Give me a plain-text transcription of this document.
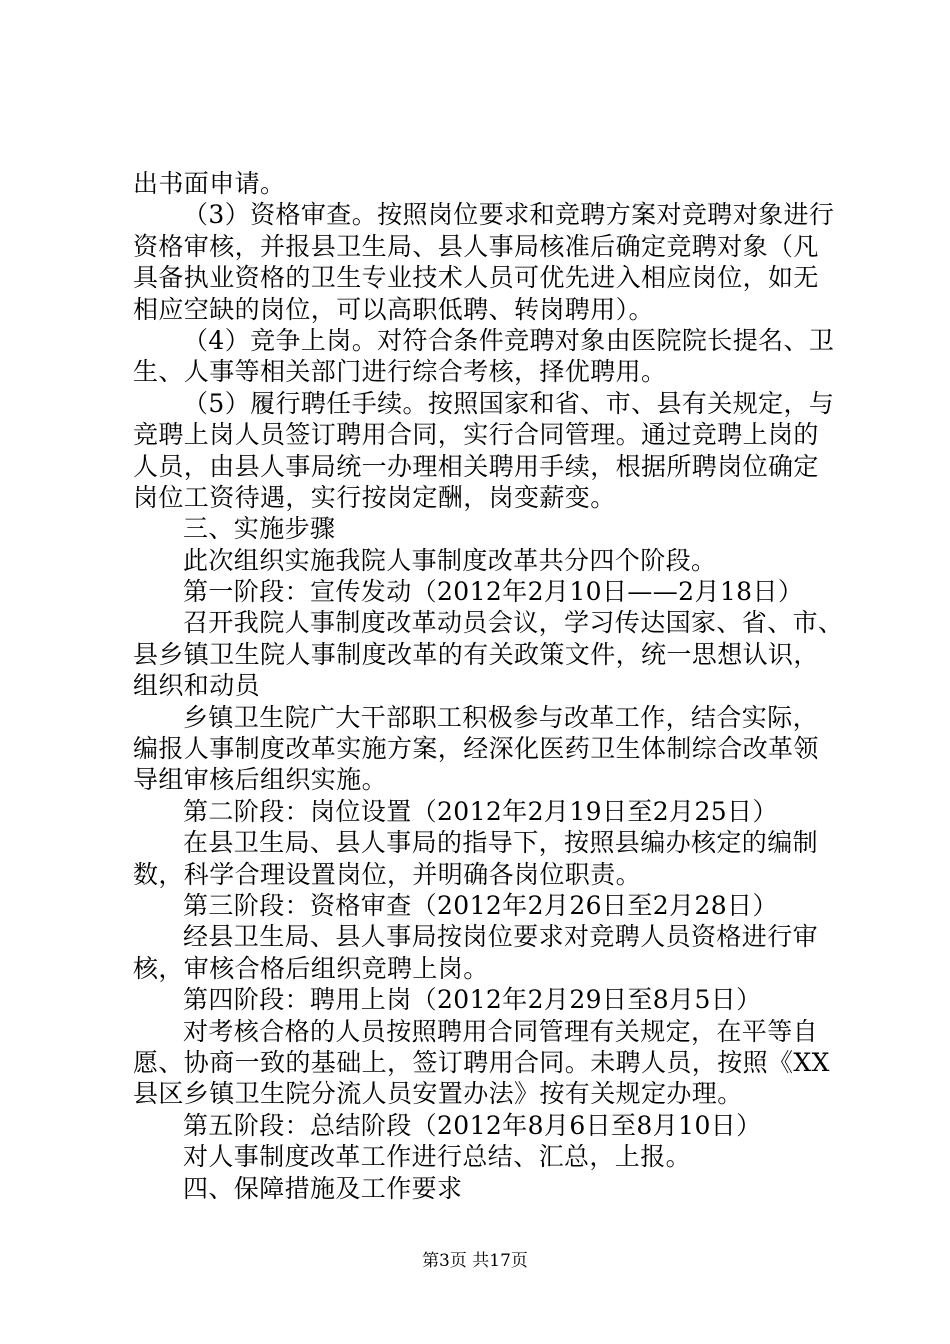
出书面申请。
（3）资格审查。按照岗位要求和竞聘方案对竞聘对象进行
资格审核，并报县卫生局、县人事局核准后确定竞聘对象（凡
具备执业资格的卫生专业技术人员可优先进入相应岗位，如无
相应空缺的岗位，可以高职低聘、转岗聘用）。
（4）竞争上岗。对符合条件竞聘对象由医院院长提名、卫
生、人事等相关部门进行综合考核，择优聘用。
（5）履行聘任手续。按照国家和省、市、县有关规定，与
竞聘上岗人员签订聘用合同，实行合同管理。通过竞聘上岗的
人员，由县人事局统一办理相关聘用手续，根据所聘岗位确定
岗位工资待遇，实行按岗定酬，岗变薪变。
三、实施步骤
此次组织实施我院人事制度改革共分四个阶段。
第一阶段：宣传发动（2012年2月10日——2月18日）
召开我院人事制度改革动员会议，学习传达国家、省、市、
县乡镇卫生院人事制度改革的有关政策文件，统一思想认识，
组织和动员
乡镇卫生院广大干部职工积极参与改革工作，结合实际，
编报人事制度改革实施方案，经深化医药卫生体制综合改革领
导组审核后组织实施。
第二阶段：岗位设置（2012年2月19日至2月25日）
在县卫生局、县人事局的指导下，按照县编办核定的编制
数，科学合理设置岗位，并明确各岗位职责。
第三阶段：资格审查（2012年2月26日至2月28日）
经县卫生局、县人事局按岗位要求对竞聘人员资格进行审
核，审核合格后组织竞聘上岗。
第四阶段：聘用上岗（2012年2月29日至8月5日）
对考核合格的人员按照聘用合同管理有关规定，在平等自
愿、协商一致的基础上，签订聘用合同。未聘人员，按照《XX
县区乡镇卫生院分流人员安置办法》按有关规定办理。
第五阶段：总结阶段（2012年8月6日至8月10日）
对人事制度改革工作进行总结、汇总，上报。
四、保障措施及工作要求
第3页 共17页
